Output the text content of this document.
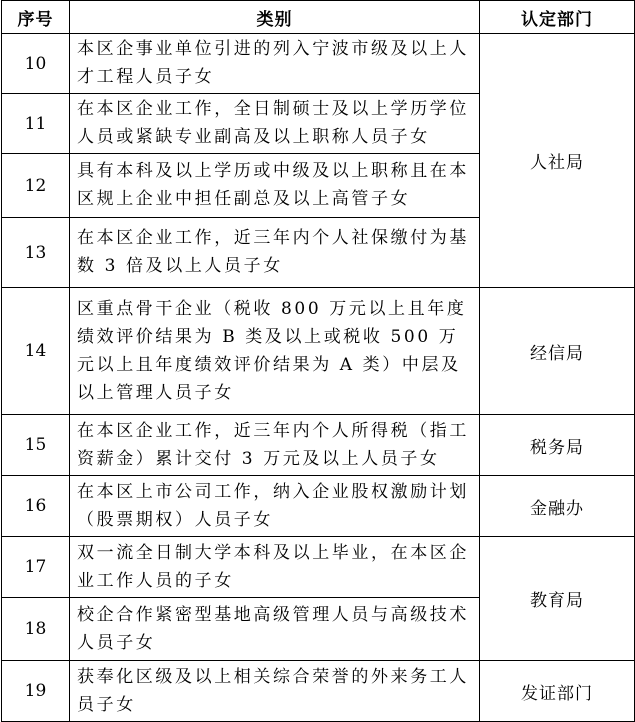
序号	类别	认定部门
10	本区企事业单位引进的列入宁波市级及以上人才工程人员子女	人社局
11	在本区企业工作，全日制硕士及以上学历学位人员或紧缺专业副高及以上职称人员子女	
12	具有本科及以上学历或中级及以上职称且在本区规上企业中担任副总及以上高管子女	
13	在本区企业工作，近三年内个人社保缴付为基数 3 倍及以上人员子女	
14	区重点骨干企业（税收 800 万元以上且年度绩效评价结果为 B 类及以上或税收 500 万元以上且年度绩效评价结果为 A 类）中层及以上管理人员子女	经信局
15	在本区企业工作，近三年内个人所得税（指工资薪金）累计交付 3 万元及以上人员子女	税务局
16	在本区上市公司工作，纳入企业股权激励计划（股票期权）人员子女	金融办
17	双一流全日制大学本科及以上毕业，在本区企业工作人员的子女	教育局
18	校企合作紧密型基地高级管理人员与高级技术人员子女	
19	获奉化区级及以上相关综合荣誉的外来务工人员子女	发证部门
